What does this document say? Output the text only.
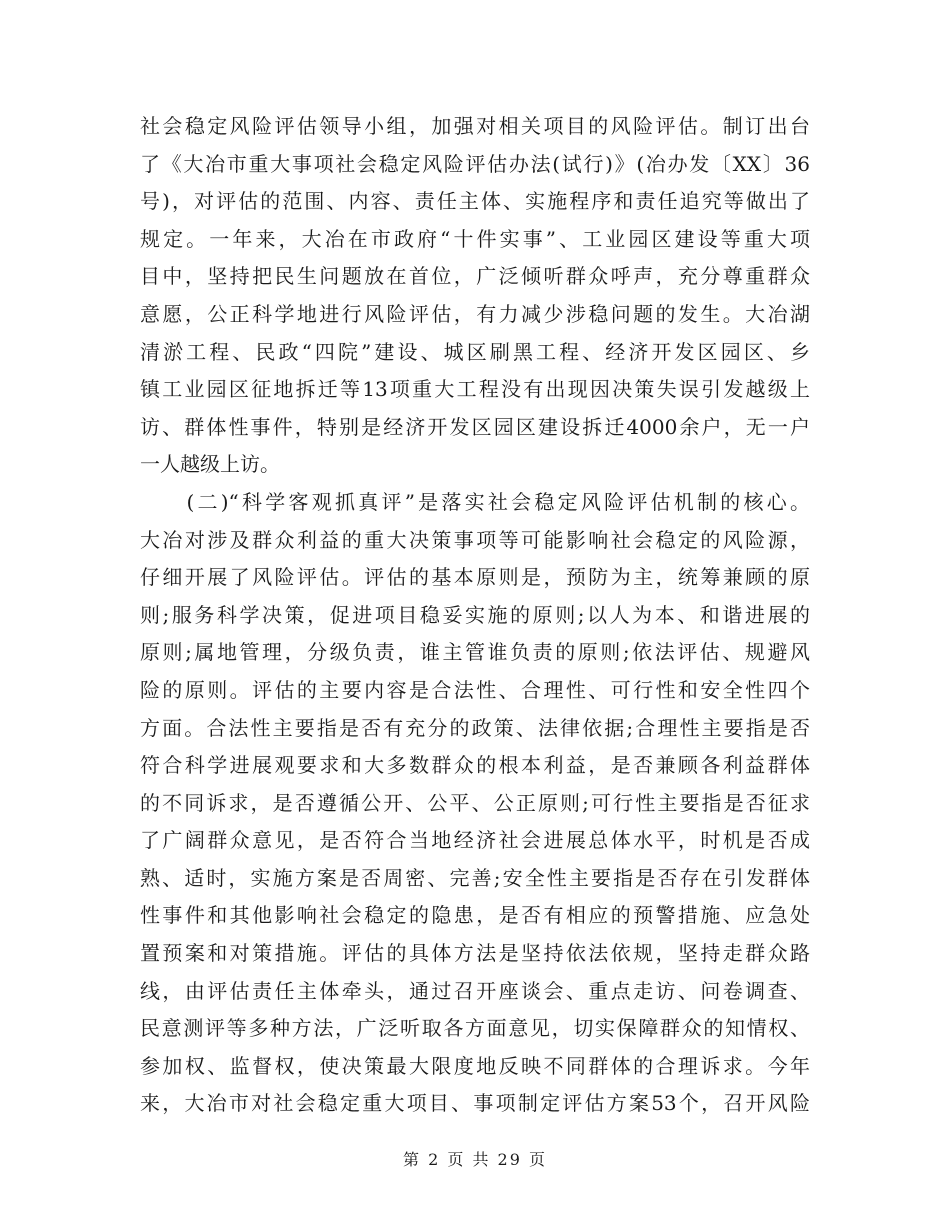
社会稳定风险评估领导小组，加强对相关项目的风险评估。制订出台
了《大冶市重大事项社会稳定风险评估办法(试行)》(冶办发〔XX〕36
号)，对评估的范围、内容、责任主体、实施程序和责任追究等做出了
规定。一年来，大冶在市政府“十件实事”、工业园区建设等重大项
目中，坚持把民生问题放在首位，广泛倾听群众呼声，充分尊重群众
意愿，公正科学地进行风险评估，有力减少涉稳问题的发生。大冶湖
清淤工程、民政“四院”建设、城区刷黑工程、经济开发区园区、乡
镇工业园区征地拆迁等13项重大工程没有出现因决策失误引发越级上
访、群体性事件，特别是经济开发区园区建设拆迁4000余户，无一户
一人越级上访。
　　(二)“科学客观抓真评”是落实社会稳定风险评估机制的核心。
大冶对涉及群众利益的重大决策事项等可能影响社会稳定的风险源，
仔细开展了风险评估。评估的基本原则是，预防为主，统筹兼顾的原
则;服务科学决策，促进项目稳妥实施的原则;以人为本、和谐进展的
原则;属地管理，分级负责，谁主管谁负责的原则;依法评估、规避风
险的原则。评估的主要内容是合法性、合理性、可行性和安全性四个
方面。合法性主要指是否有充分的政策、法律依据;合理性主要指是否
符合科学进展观要求和大多数群众的根本利益，是否兼顾各利益群体
的不同诉求，是否遵循公开、公平、公正原则;可行性主要指是否征求
了广阔群众意见，是否符合当地经济社会进展总体水平，时机是否成
熟、适时，实施方案是否周密、完善;安全性主要指是否存在引发群体
性事件和其他影响社会稳定的隐患，是否有相应的预警措施、应急处
置预案和对策措施。评估的具体方法是坚持依法依规，坚持走群众路
线，由评估责任主体牵头，通过召开座谈会、重点走访、问卷调查、
民意测评等多种方法，广泛听取各方面意见，切实保障群众的知情权、
参加权、监督权，使决策最大限度地反映不同群体的合理诉求。今年
来，大冶市对社会稳定重大项目、事项制定评估方案53个，召开风险
第 2 页 共 29 页
